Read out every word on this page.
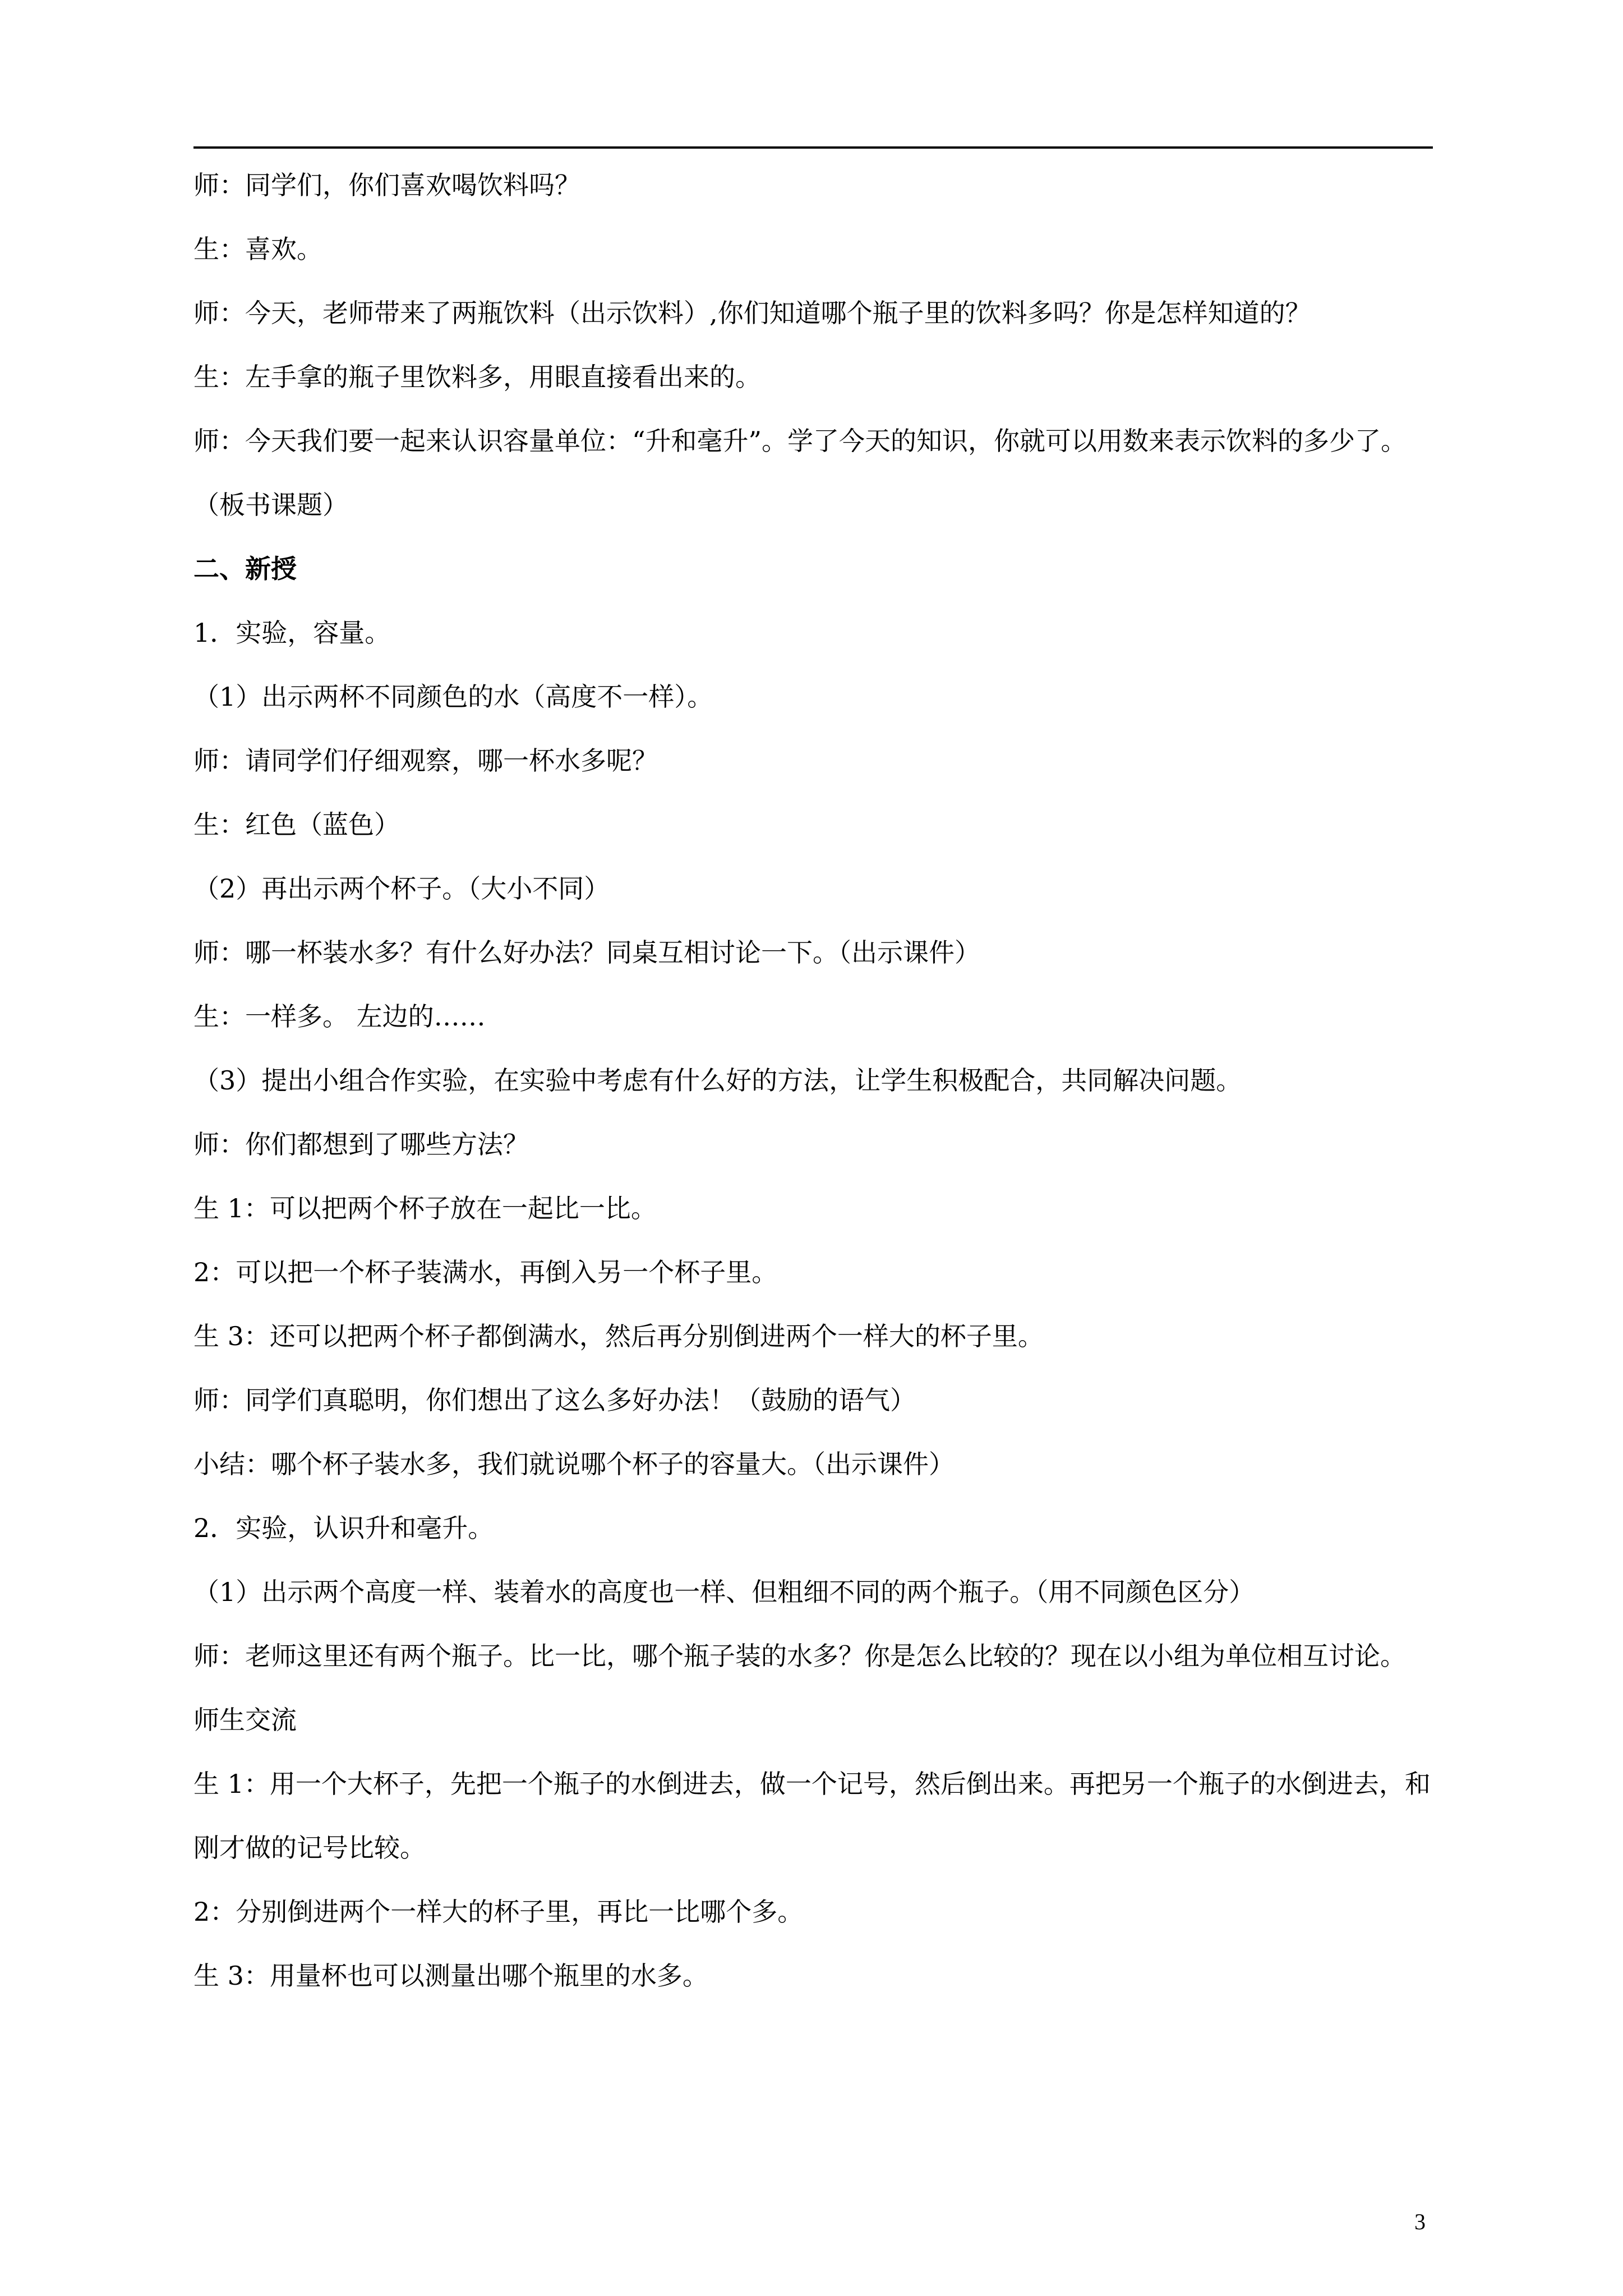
师：同学们，你们喜欢喝饮料吗？

生：喜欢。

师：今天，老师带来了两瓶饮料（出示饮料）,你们知道哪个瓶子里的饮料多吗？你是怎样知道的？

生：左手拿的瓶子里饮料多，用眼直接看出来的。

师：今天我们要一起来认识容量单位：“升和毫升”。学了今天的知识，你就可以用数来表示饮料的多少了。（板书课题）

二、新授

1．实验，容量。

（1）出示两杯不同颜色的水（高度不一样）。

师：请同学们仔细观察，哪一杯水多呢？

生：红色（蓝色）

（2）再出示两个杯子。（大小不同）

师：哪一杯装水多？有什么好办法？同桌互相讨论一下。（出示课件）

生：一样多。 左边的……

（3）提出小组合作实验，在实验中考虑有什么好的方法，让学生积极配合，共同解决问题。

师：你们都想到了哪些方法？

生 1：可以把两个杯子放在一起比一比。

2：可以把一个杯子装满水，再倒入另一个杯子里。

生 3：还可以把两个杯子都倒满水，然后再分别倒进两个一样大的杯子里。

师：同学们真聪明，你们想出了这么多好办法！（鼓励的语气）

小结：哪个杯子装水多，我们就说哪个杯子的容量大。（出示课件）

2．实验，认识升和毫升。

（1）出示两个高度一样、装着水的高度也一样、但粗细不同的两个瓶子。（用不同颜色区分）

师：老师这里还有两个瓶子。比一比，哪个瓶子装的水多？你是怎么比较的？现在以小组为单位相互讨论。

师生交流

生 1：用一个大杯子，先把一个瓶子的水倒进去，做一个记号，然后倒出来。再把另一个瓶子的水倒进去，和刚才做的记号比较。

2：分别倒进两个一样大的杯子里，再比一比哪个多。

生 3：用量杯也可以测量出哪个瓶里的水多。

3
